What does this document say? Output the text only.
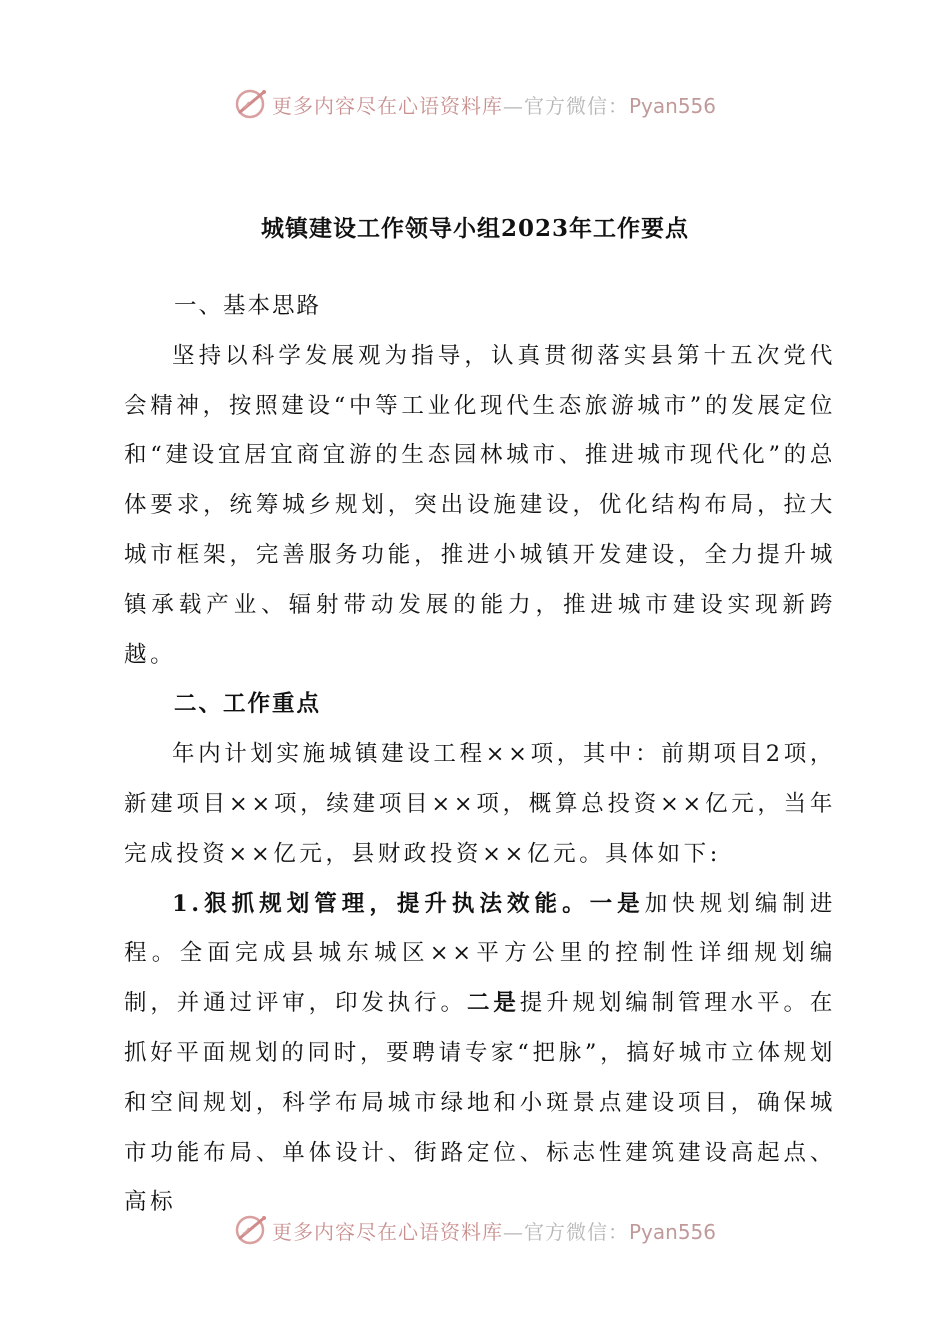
更多内容尽在心语资料库—官方微信：Pyan556
城镇建设工作领导小组2023年工作要点

一、基本思路

坚持以科学发展观为指导，认真贯彻落实县第十五次党代会精神，按照建设“中等工业化现代生态旅游城市”的发展定位和“建设宜居宜商宜游的生态园林城市、推进城市现代化”的总体要求，统筹城乡规划，突出设施建设，优化结构布局，拉大城市框架，完善服务功能，推进小城镇开发建设，全力提升城镇承载产业、辐射带动发展的能力，推进城市建设实现新跨越。

二、工作重点

年内计划实施城镇建设工程××项，其中：前期项目2项，新建项目××项，续建项目××项，概算总投资××亿元，当年完成投资××亿元，县财政投资××亿元。具体如下:

1.狠抓规划管理，提升执法效能。一是加快规划编制进程。全面完成县城东城区××平方公里的控制性详细规划编制，并通过评审，印发执行。二是提升规划编制管理水平。在抓好平面规划的同时，要聘请专家“把脉”，搞好城市立体规划和空间规划，科学布局城市绿地和小斑景点建设项目，确保城市功能布局、单体设计、街路定位、标志性建筑建设高起点、高标

更多内容尽在心语资料库—官方微信：Pyan556
